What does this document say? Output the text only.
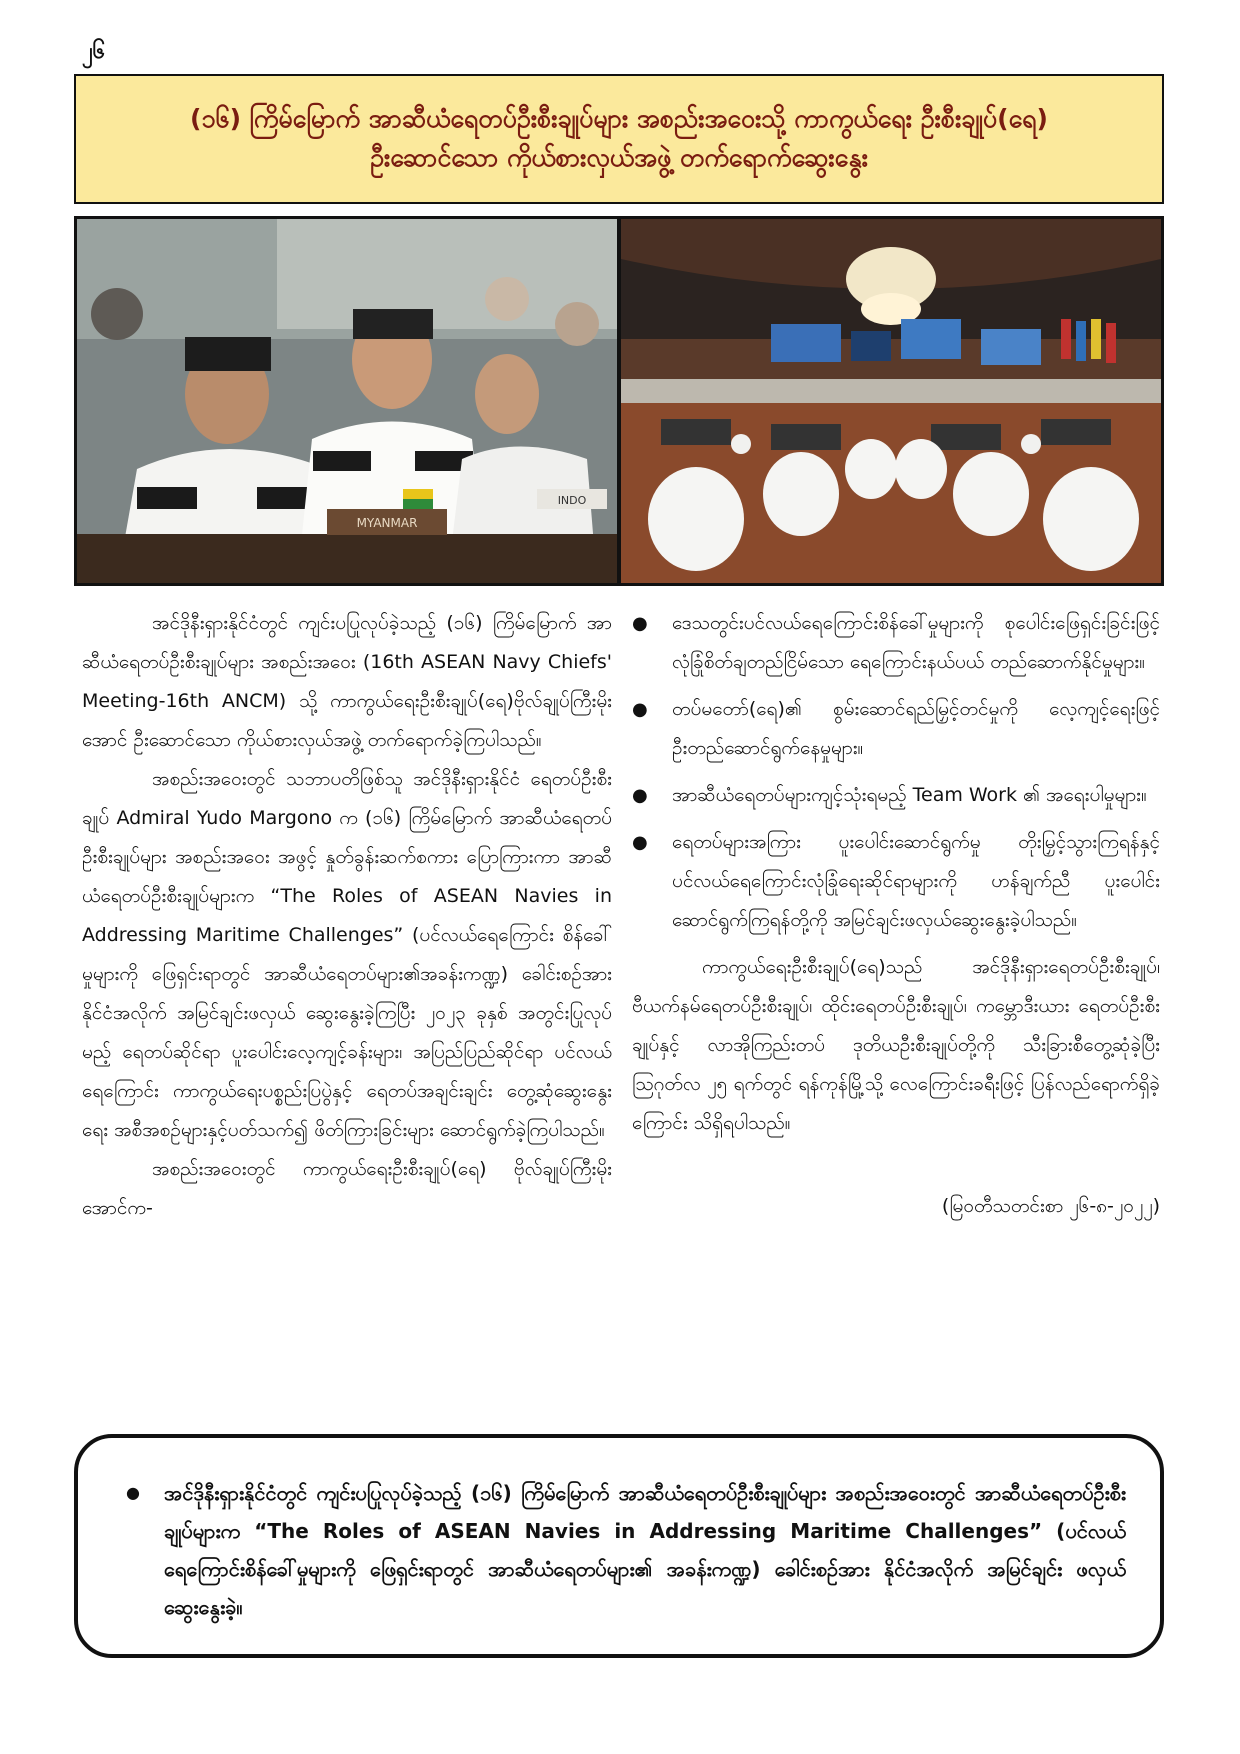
၂၆
(၁၆) ကြိမ်မြောက် အာဆီယံရေတပ်ဦးစီးချုပ်များ အစည်းအဝေးသို့ ကာကွယ်ရေး ဦးစီးချုပ်(ရေ)
ဦးဆောင်သော ကိုယ်စားလှယ်အဖွဲ့ တက်ရောက်ဆွေးနွေး
MYANMAR
INDO

အင်ဒိုနီးရှားနိုင်ငံတွင် ကျင်းပပြုလုပ်ခဲ့သည့် (၁၆) ကြိမ်မြောက် အာဆီယံရေတပ်ဦးစီးချုပ်များ အစည်းအဝေး (16th ASEAN Navy Chiefs' Meeting-16th ANCM) သို့ ကာကွယ်ရေးဦးစီးချုပ်(ရေ)ဗိုလ်ချုပ်ကြီးမိုးအောင် ဦးဆောင်သော ကိုယ်စားလှယ်အဖွဲ့ တက်ရောက်ခဲ့ကြပါသည်။

အစည်းအဝေးတွင် သဘာပတိဖြစ်သူ အင်ဒိုနီးရှားနိုင်ငံ ရေတပ်ဦးစီးချုပ် Admiral Yudo Margono က (၁၆) ကြိမ်မြောက် အာဆီယံရေတပ်ဦးစီးချုပ်များ အစည်းအဝေး အဖွင့် နှုတ်ခွန်းဆက်စကား ပြောကြားကာ အာဆီယံရေတပ်ဦးစီးချုပ်များက “The Roles of ASEAN Navies in Addressing Maritime Challenges” (ပင်လယ်ရေကြောင်း စိန်ခေါ်မှုများကို ဖြေရှင်းရာတွင် အာဆီယံရေတပ်များ၏အခန်းကဏ္ဍ) ခေါင်းစဉ်အား နိုင်ငံအလိုက် အမြင်ချင်းဖလှယ် ဆွေးနွေးခဲ့ကြပြီး ၂၀၂၃ ခုနှစ် အတွင်းပြုလုပ်မည့် ရေတပ်ဆိုင်ရာ ပူးပေါင်းလေ့ကျင့်ခန်းများ၊ အပြည်ပြည်ဆိုင်ရာ ပင်လယ်ရေကြောင်း ကာကွယ်ရေးပစ္စည်းပြပွဲနှင့် ရေတပ်အချင်းချင်း တွေ့ဆုံဆွေးနွေးရေး အစီအစဉ်များနှင့်ပတ်သက်၍ ဖိတ်ကြားခြင်းများ ဆောင်ရွက်ခဲ့ကြပါသည်။

အစည်းအဝေးတွင် ကာကွယ်ရေးဦးစီးချုပ်(ရေ) ဗိုလ်ချုပ်ကြီးမိုးအောင်က-

● ဒေသတွင်းပင်လယ်ရေကြောင်းစိန်ခေါ်မှုများကို စုပေါင်းဖြေရှင်းခြင်းဖြင့် လုံခြုံစိတ်ချတည်ငြိမ်သော ရေကြောင်းနယ်ပယ် တည်ဆောက်နိုင်မှုများ။
● တပ်မတော်(ရေ)၏ စွမ်းဆောင်ရည်မြှင့်တင်မှုကို လေ့ကျင့်ရေးဖြင့် ဦးတည်ဆောင်ရွက်နေမှုများ။
● အာဆီယံရေတပ်များကျင့်သုံးရမည့် Team Work ၏ အရေးပါမှုများ။
● ရေတပ်များအကြား ပူးပေါင်းဆောင်ရွက်မှု တိုးမြှင့်သွားကြရန်နှင့် ပင်လယ်ရေကြောင်းလုံခြုံရေးဆိုင်ရာများကို ဟန်ချက်ညီ ပူးပေါင်းဆောင်ရွက်ကြရန်တို့ကို အမြင်ချင်းဖလှယ်ဆွေးနွေးခဲ့ပါသည်။

ကာကွယ်ရေးဦးစီးချုပ်(ရေ)သည် အင်ဒိုနီးရှားရေတပ်ဦးစီးချုပ်၊ ဗီယက်နမ်ရေတပ်ဦးစီးချုပ်၊ ထိုင်းရေတပ်ဦးစီးချုပ်၊ ကမ္ဘောဒီးယား ရေတပ်ဦးစီးချုပ်နှင့် လာအိုကြည်းတပ် ဒုတိယဦးစီးချုပ်တို့ကို သီးခြားစီတွေ့ဆုံခဲ့ပြီး ဩဂုတ်လ ၂၅ ရက်တွင် ရန်ကုန်မြို့သို့ လေကြောင်းခရီးဖြင့် ပြန်လည်ရောက်ရှိခဲ့ကြောင်း သိရှိရပါသည်။

(မြဝတီသတင်းစာ ၂၆-၈-၂၀၂၂)
● အင်ဒိုနီးရှားနိုင်ငံတွင် ကျင်းပပြုလုပ်ခဲ့သည့် (၁၆) ကြိမ်မြောက် အာဆီယံရေတပ်ဦးစီးချုပ်များ အစည်းအဝေးတွင် အာဆီယံရေတပ်ဦးစီးချုပ်များက “The Roles of ASEAN Navies in Addressing Maritime Challenges” (ပင်လယ် ရေကြောင်းစိန်ခေါ်မှုများကို ဖြေရှင်းရာတွင် အာဆီယံရေတပ်များ၏ အခန်းကဏ္ဍ) ခေါင်းစဉ်အား နိုင်ငံအလိုက် အမြင်ချင်း ဖလှယ် ဆွေးနွေးခဲ့။
